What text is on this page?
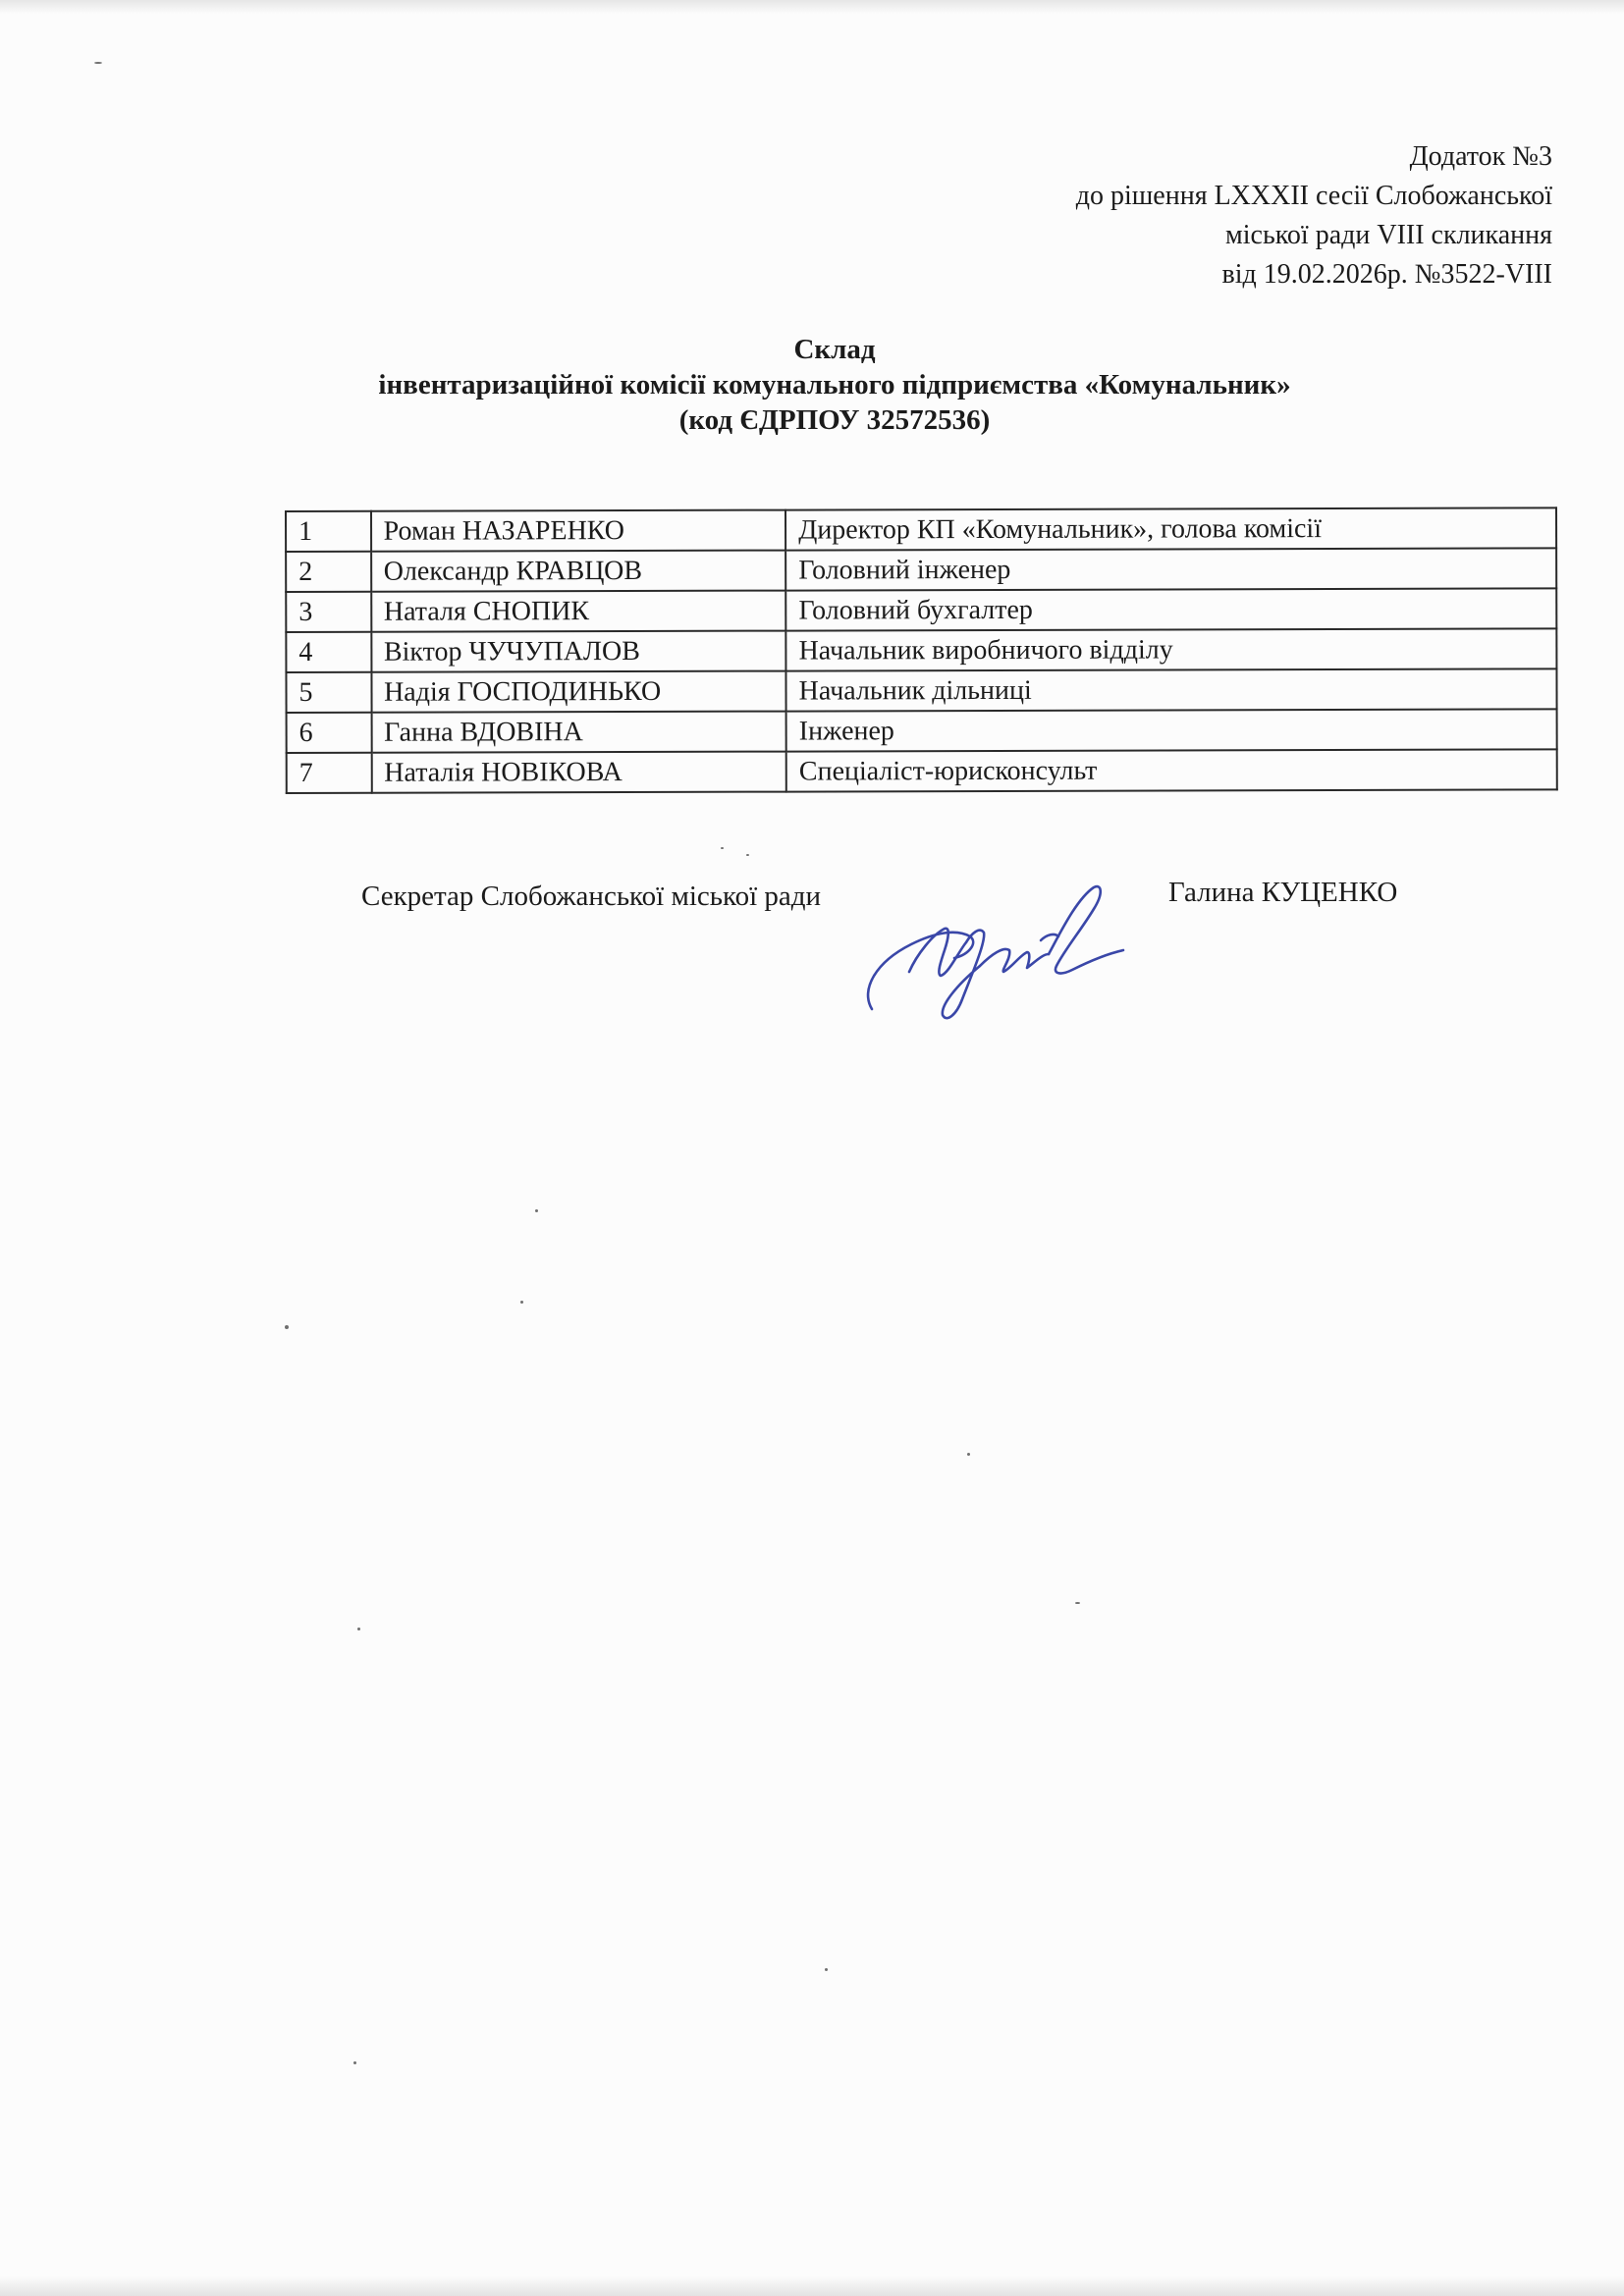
Додаток №3
до рішення LXXXII сесії Слобожанської
міської ради VIII скликання
від 19.02.2026р. №3522-VIII
Склад
інвентаризаційної комісії комунального підприємства «Комунальник»
(код ЄДРПОУ 32572536)
1	Роман НАЗАРЕНКО	Директор КП «Комунальник», голова комісії
2	Олександр КРАВЦОВ	Головний інженер
3	Наталя СНОПИК	Головний бухгалтер
4	Віктор ЧУЧУПАЛОВ	Начальник виробничого відділу
5	Надія ГОСПОДИНЬКО	Начальник дільниці
6	Ганна ВДОВІНА	Інженер
7	Наталія НОВІКОВА	Спеціаліст-юрисконсульт
Секретар Слобожанської міської ради	Галина КУЦЕНКО
